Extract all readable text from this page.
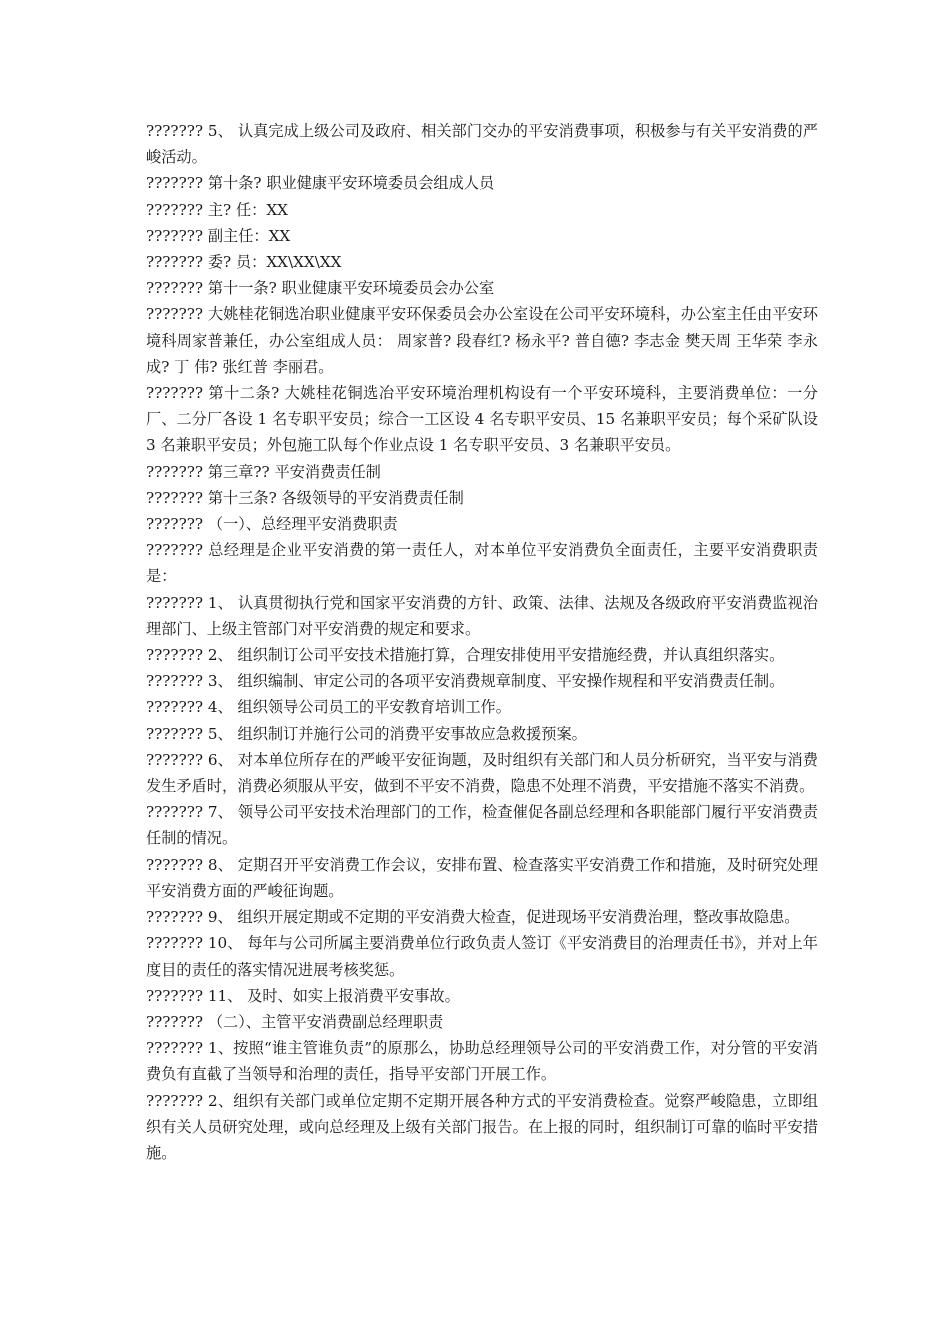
??????? 5、 认真完成上级公司及政府、相关部门交办的平安消费事项，积极参与有关平安消费的严峻活动。

??????? 第十条? 职业健康平安环境委员会组成人员

??????? 主? 任：XX

??????? 副主任：XX

??????? 委? 员：XX\XX\XX

??????? 第十一条? 职业健康平安环境委员会办公室

??????? 大姚桂花铜选冶职业健康平安环保委员会办公室设在公司平安环境科，办公室主任由平安环境科周家普兼任，办公室组成人员： 周家普? 段春红? 杨永平? 普自德? 李志金 樊天周 王华荣 李永成? 丁 伟? 张红普 李丽君。

??????? 第十二条? 大姚桂花铜选冶平安环境治理机构设有一个平安环境科，主要消费单位：一分厂、二分厂各设 1 名专职平安员；综合一工区设 4 名专职平安员、15 名兼职平安员；每个采矿队设 3 名兼职平安员；外包施工队每个作业点设 1 名专职平安员、3 名兼职平安员。

??????? 第三章?? 平安消费责任制

??????? 第十三条? 各级领导的平安消费责任制

??????? （一）、总经理平安消费职责

??????? 总经理是企业平安消费的第一责任人，对本单位平安消费负全面责任，主要平安消费职责是：

??????? 1、 认真贯彻执行党和国家平安消费的方针、政策、法律、法规及各级政府平安消费监视治理部门、上级主管部门对平安消费的规定和要求。

??????? 2、 组织制订公司平安技术措施打算，合理安排使用平安措施经费，并认真组织落实。

??????? 3、 组织编制、审定公司的各项平安消费规章制度、平安操作规程和平安消费责任制。

??????? 4、 组织领导公司员工的平安教育培训工作。

??????? 5、 组织制订并施行公司的消费平安事故应急救援预案。

??????? 6、 对本单位所存在的严峻平安征询题，及时组织有关部门和人员分析研究，当平安与消费发生矛盾时，消费必须服从平安，做到不平安不消费，隐患不处理不消费，平安措施不落实不消费。

??????? 7、 领导公司平安技术治理部门的工作，检查催促各副总经理和各职能部门履行平安消费责任制的情况。

??????? 8、 定期召开平安消费工作会议，安排布置、检查落实平安消费工作和措施，及时研究处理平安消费方面的严峻征询题。

??????? 9、 组织开展定期或不定期的平安消费大检查，促进现场平安消费治理，整改事故隐患。

??????? 10、 每年与公司所属主要消费单位行政负责人签订《平安消费目的治理责任书》，并对上年度目的责任的落实情况进展考核奖惩。

??????? 11、 及时、如实上报消费平安事故。

??????? （二）、主管平安消费副总经理职责

??????? 1、按照“谁主管谁负责”的原那么，协助总经理领导公司的平安消费工作，对分管的平安消费负有直截了当领导和治理的责任，指导平安部门开展工作。

??????? 2、组织有关部门或单位定期不定期开展各种方式的平安消费检查。觉察严峻隐患，立即组织有关人员研究处理，或向总经理及上级有关部门报告。在上报的同时，组织制订可靠的临时平安措施。
